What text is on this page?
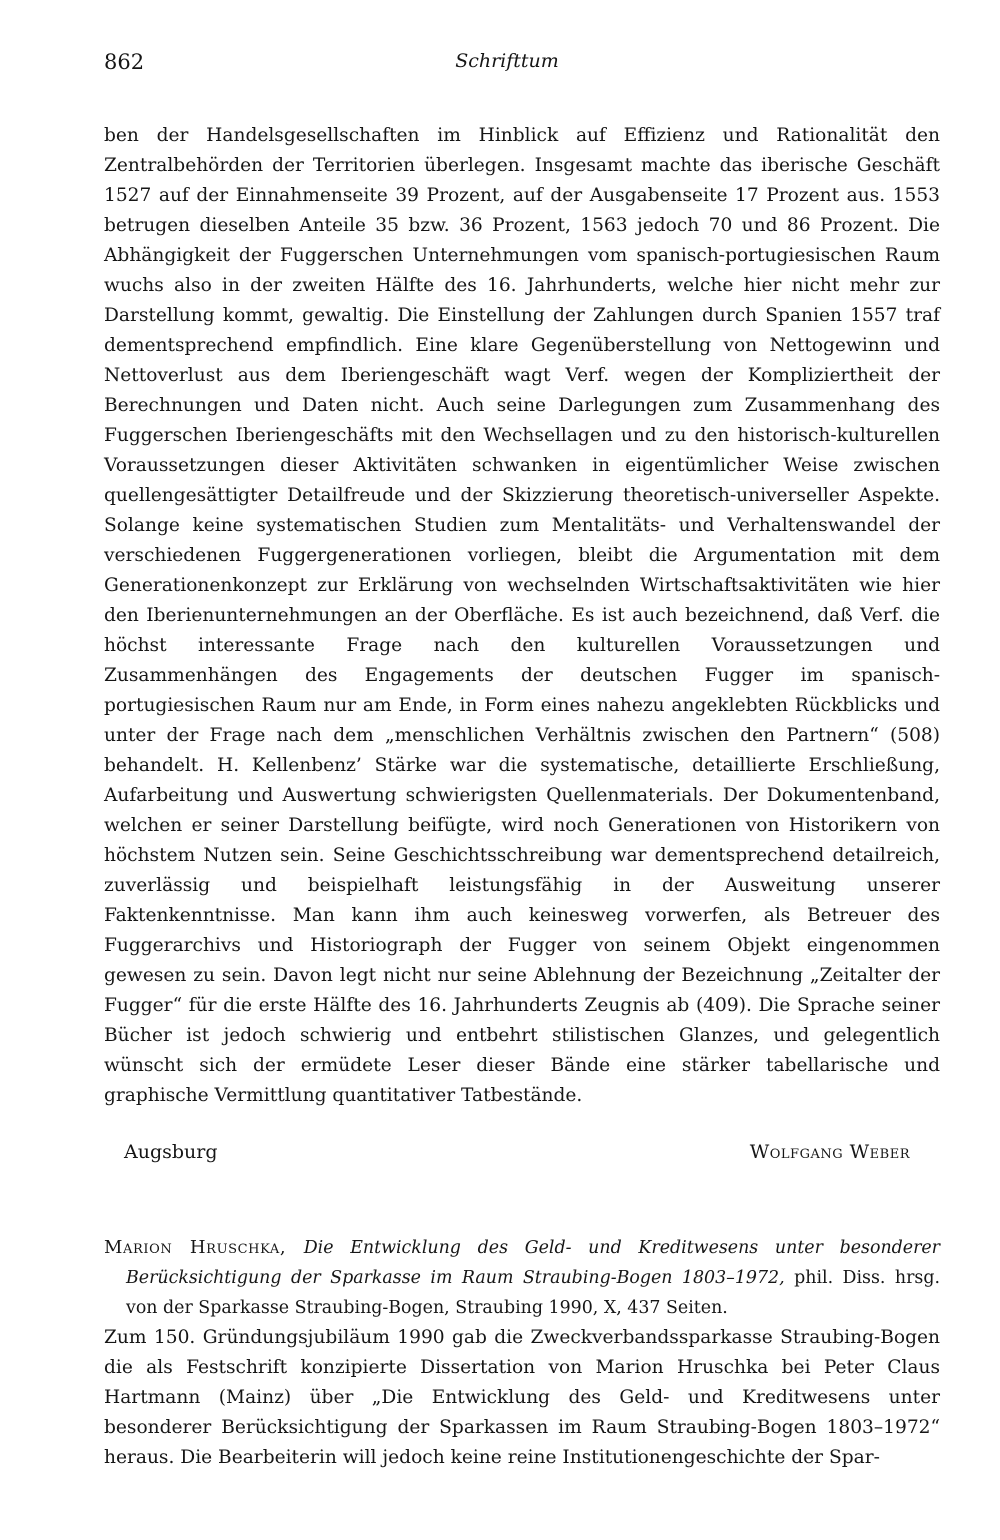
862	Schrifttum

ben der Handelsgesellschaften im Hinblick auf Effizienz und Rationalität den Zentralbehörden der Territorien überlegen. Insgesamt machte das iberische Geschäft 1527 auf der Einnahmenseite 39 Prozent, auf der Ausgabenseite 17 Prozent aus. 1553 betrugen dieselben Anteile 35 bzw. 36 Prozent, 1563 jedoch 70 und 86 Prozent. Die Abhängigkeit der Fuggerschen Unternehmungen vom spanisch-portugiesischen Raum wuchs also in der zweiten Hälfte des 16. Jahrhunderts, welche hier nicht mehr zur Darstellung kommt, gewaltig. Die Einstellung der Zahlungen durch Spanien 1557 traf dementsprechend empfindlich. Eine klare Gegenüberstellung von Nettogewinn und Nettoverlust aus dem Iberiengeschäft wagt Verf. wegen der Kompliziertheit der Berechnungen und Daten nicht. Auch seine Darlegungen zum Zusammenhang des Fuggerschen Iberiengeschäfts mit den Wechsellagen und zu den historisch-kulturellen Voraussetzungen dieser Aktivitäten schwanken in eigentümlicher Weise zwischen quellengesättigter Detailfreude und der Skizzierung theoretisch-universeller Aspekte. Solange keine systematischen Studien zum Mentalitäts- und Verhaltenswandel der verschiedenen Fuggergenerationen vorliegen, bleibt die Argumentation mit dem Generationenkonzept zur Erklärung von wechselnden Wirtschaftsaktivitäten wie hier den Iberienunternehmungen an der Oberfläche. Es ist auch bezeichnend, daß Verf. die höchst interessante Frage nach den kulturellen Voraussetzungen und Zusammenhängen des Engagements der deutschen Fugger im spanisch-portugiesischen Raum nur am Ende, in Form eines nahezu angeklebten Rückblicks und unter der Frage nach dem „menschlichen Verhältnis zwischen den Partnern“ (508) behandelt. H. Kellenbenz’ Stärke war die systematische, detaillierte Erschließung, Aufarbeitung und Auswertung schwierigsten Quellenmaterials. Der Dokumentenband, welchen er seiner Darstellung beifügte, wird noch Generationen von Historikern von höchstem Nutzen sein. Seine Geschichtsschreibung war dementsprechend detailreich, zuverlässig und beispielhaft leistungsfähig in der Ausweitung unserer Faktenkenntnisse. Man kann ihm auch keinesweg vorwerfen, als Betreuer des Fuggerarchivs und Historiograph der Fugger von seinem Objekt eingenommen gewesen zu sein. Davon legt nicht nur seine Ablehnung der Bezeichnung „Zeitalter der Fugger“ für die erste Hälfte des 16. Jahrhunderts Zeugnis ab (409). Die Sprache seiner Bücher ist jedoch schwierig und entbehrt stilistischen Glanzes, und gelegentlich wünscht sich der ermüdete Leser dieser Bände eine stärker tabellarische und graphische Vermittlung quantitativer Tatbestände.

Augsburg	Wolfgang Weber
Marion Hruschka, Die Entwicklung des Geld- und Kreditwesens unter besonderer Berücksichtigung der Sparkasse im Raum Straubing-Bogen 1803–1972, phil. Diss. hrsg. von der Sparkasse Straubing-Bogen, Straubing 1990, X, 437 Seiten.

Zum 150. Gründungsjubiläum 1990 gab die Zweckverbandssparkasse Straubing-Bogen die als Festschrift konzipierte Dissertation von Marion Hruschka bei Peter Claus Hartmann (Mainz) über „Die Entwicklung des Geld- und Kreditwesens unter besonderer Berücksichtigung der Sparkassen im Raum Straubing-Bogen 1803–1972“ heraus. Die Bearbeiterin will jedoch keine reine Institutionengeschichte der Spar-
